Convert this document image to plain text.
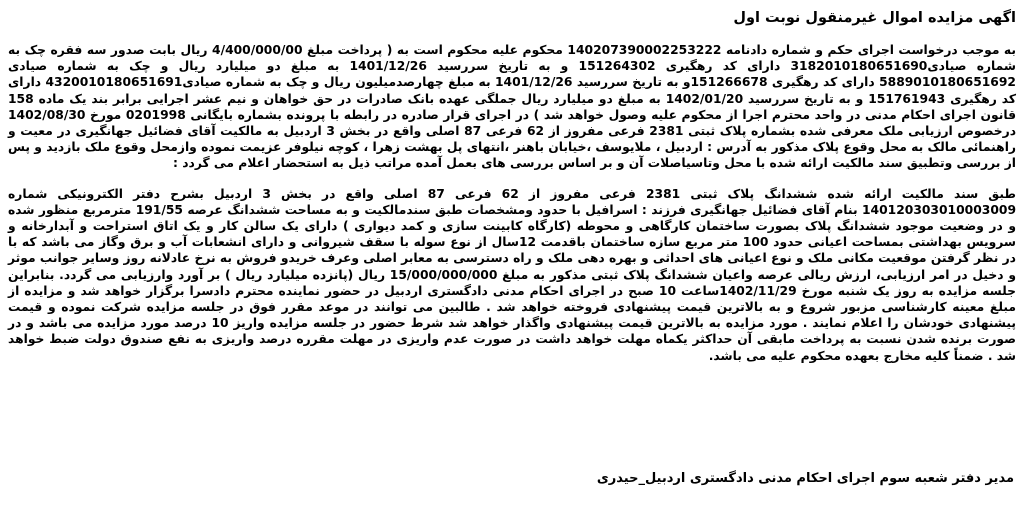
اگهی مزایده اموال غیرمنقول نوبت اول

به موجب درخواست اجرای حکم و شماره دادنامه 140207390002253222 محکوم علیه محکوم است به ( پرداخت مبلغ 4/400/000/00 ریال بابت صدور سه فقره چک به شماره صیادی3182010180651690 دارای کد رهگیری 151264302 و به تاریخ سررسید 1401/12/26 به مبلغ دو میلیارد ریال و چک به شماره صیادی 5889010180651692 دارای کد رهگیری 151266678و به تاریخ سررسید 1401/12/26 به مبلغ چهارصدمیلیون ریال و چک به شماره صیادی4320010180651691 دارای کد رهگیری 151761943 و به تاریخ سررسید 1402/01/20 به مبلغ دو میلیارد ریال جملگی عهده بانک صادرات در حق خواهان و نیم عشر اجرایی برابر بند یک ماده 158 قانون اجرای احکام مدنی در واحد محترم اجرا از محکوم علیه وصول خواهد شد ) در اجرای قرار صادره در رابطه با پرونده بشماره بایگانی 0201998 مورخ 1402/08/30 درخصوص ارزیابی ملک معرفی شده بشماره پلاک ثبتی 2381 فرعی مفروز از 62 فرعی 87 اصلی واقع در بخش 3 اردبیل به مالکیت آقای فضائیل جهانگیری در معیت و راهنمائی مالک به محل وقوع پلاک مذکور به آدرس : اردبیل ، ملایوسف ،خیابان باهنر ،انتهای پل بهشت زهرا ، کوچه نیلوفر عزیمت نموده وازمحل وقوع ملک بازدید و پس از بررسی وتطبیق سند مالکیت ارائه شده با محل وتاسیاصلات آن و بر اساس بررسی های بعمل آمده مراتب ذیل به استحضار اعلام می گردد :

طبق سند مالکیت ارائه شده ششدانگ پلاک ثبتی 2381 فرعی مفروز از 62 فرعی 87 اصلی واقع در بخش 3 اردبیل بشرح دفتر الکترونیکی شماره 140120303010003009 بنام آقای فضائیل جهانگیری فرزند : اسرافیل با حدود ومشخصات طبق سندمالکیت و به مساحت ششدانگ عرصه 191/55 مترمربع منظور شده و در وضعیت موجود ششدانگ پلاک بصورت ساختمان کارگاهی و محوطه (کارگاه کابینت سازی و کمد دیواری ) دارای یک سالن کار و یک اتاق استراحت و آبدارخانه و سرویس بهداشتی بمساحت اعیانی حدود 100 متر مربع سازه ساختمان باقدمت 12سال از نوع سوله با سقف شیروانی و دارای انشعابات آب و برق وگاز می باشد که با در نظر گرفتن موقعیت مکانی ملک و نوع اعیانی های احداثی و بهره دهی ملک و راه دسترسی به معابر اصلی وعرف خریدو فروش به نرخ عادلانه روز وسایر جوانب موثر و دخیل در امر ارزیابی، ارزش ریالی عرصه واعیان ششدانگ پلاک ثبتی مذکور به مبلغ 15/000/000/000 ریال (پانزده میلیارد ریال ) بر آورد وارزیابی می گردد. بنابراین جلسه مزایده به روز یک شنبه مورخ 1402/11/29ساعت 10 صبح در اجرای احکام مدنی دادگستری اردبیل در حضور نماینده محترم دادسرا برگزار خواهد شد و مزایده از مبلغ معینه کارشناسی مزبور شروع و به بالاترین قیمت پیشنهادی فروخته خواهد شد . طالبین می توانند در موعد مقرر فوق در جلسه مزایده شرکت نموده و قیمت پیشنهادی خودشان را اعلام نمایند . مورد مزایده به بالاترین قیمت پیشنهادی واگذار خواهد شد شرط حضور در جلسه مزایده واریز 10 درصد مورد مزایده می باشد و در صورت برنده شدن نسبت به پرداخت مابقی آن حداکثر یکماه مهلت خواهد داشت در صورت عدم واریزی در مهلت مقرره درصد واریزی به نفع صندوق دولت ضبط خواهد شد . ضمناً کلیه مخارج بعهده محکوم علیه می باشد.

مدیر دفتر شعبه سوم اجرای احکام مدنی دادگستری اردبیل_حیدری
